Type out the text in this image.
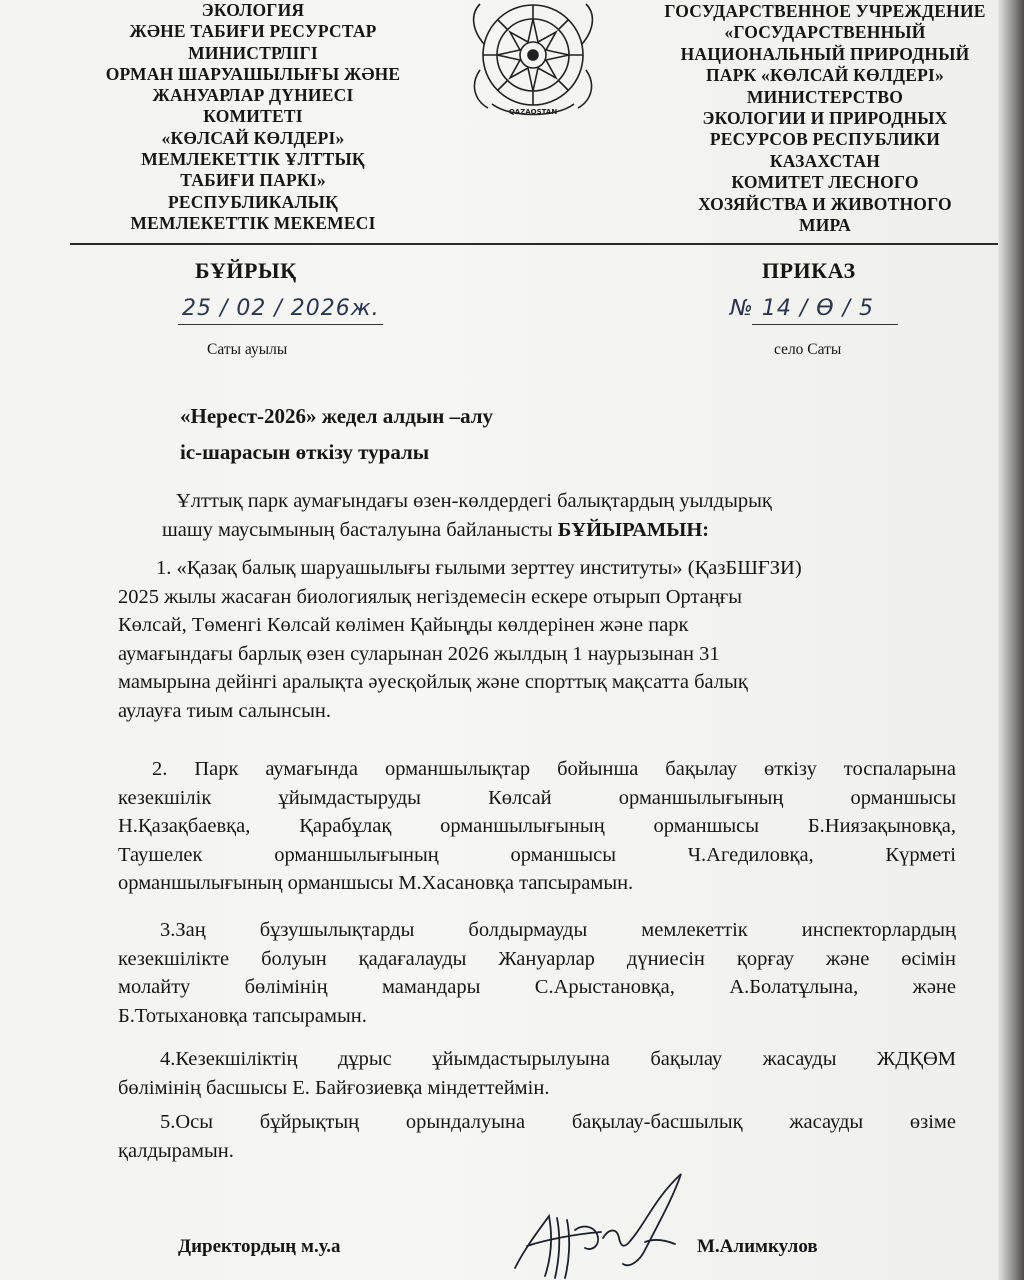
ЭКОЛОГИЯ
ЖӘНЕ ТАБИҒИ РЕСУРСТАР
МИНИСТРЛІГІ
ОРМАН ШАРУАШЫЛЫҒЫ ЖӘНЕ
ЖАНУАРЛАР ДҮНИЕСІ
КОМИТЕТІ
«КӨЛСАЙ КӨЛДЕРІ»
МЕМЛЕКЕТТІК ҰЛТТЫҚ
ТАБИҒИ ПАРКІ»
РЕСПУБЛИКАЛЫҚ
МЕМЛЕКЕТТІК МЕКЕМЕСІ
QAZAQSTAN
ГОСУДАРСТВЕННОЕ УЧРЕЖДЕНИЕ
«ГОСУДАРСТВЕННЫЙ
НАЦИОНАЛЬНЫЙ ПРИРОДНЫЙ
ПАРК «КӨЛСАЙ КӨЛДЕРІ»
МИНИСТЕРСТВО
ЭКОЛОГИИ И ПРИРОДНЫХ
РЕСУРСОВ РЕСПУБЛИКИ
КАЗАХСТАН
КОМИТЕТ ЛЕСНОГО
ХОЗЯЙСТВА И ЖИВОТНОГО
МИРА
БҰЙРЫҚ	ПРИКАЗ
25 / 02 / 2026ж.	№ 14 / Ө / 5
Саты ауылы	село Саты
«Нерест-2026» жедел алдын –алу
іс-шарасын өткізу туралы
Ұлттық парк аумағындағы өзен-көлдердегі балықтардың уылдырық
шашу маусымының басталуына байланысты БҰЙЫРАМЫН:
1. «Қазақ балық шаруашылығы ғылыми зерттеу институты» (ҚазБШҒЗИ)
2025 жылы жасаған биологиялық негіздемесін ескере отырып Ортаңғы
Көлсай, Төменгі Көлсай көлімен Қайыңды көлдерінен және парк
аумағындағы барлық өзен суларынан 2026 жылдың 1 наурызынан 31
мамырына дейінгі аралықта әуесқойлық және спорттық мақсатта балық
аулауға тиым салынсын.
2. Парк аумағында орманшылықтар бойынша бақылау өткізу тоспаларына
кезекшілік ұйымдастыруды Көлсай орманшылығының орманшысы
Н.Қазақбаевқа, Қарабұлақ орманшылығының орманшысы Б.Ниязақыновқа,
Таушелек орманшылығының орманшысы Ч.Агедиловқа, Күрметі
орманшылығының орманшысы М.Хасановқа тапсырамын.
3.Заң бұзушылықтарды болдырмауды мемлекеттік инспекторлардың
кезекшілікте болуын қадағалауды Жануарлар дүниесін қорғау және өсімін
молайту бөлімінің мамандары С.Арыстановқа, А.Болатұлына, және
Б.Тотыхановқа тапсырамын.
4.Кезекшіліктің дұрыс ұйымдастырылуына бақылау жасауды ЖДҚӨМ
бөлімінің басшысы Е. Байғозиевқа міндеттеймін.
5.Осы бұйрықтың орындалуына бақылау-басшылық жасауды өзіме
қалдырамын.
Директордың м.у.а	М.Алимкулов
